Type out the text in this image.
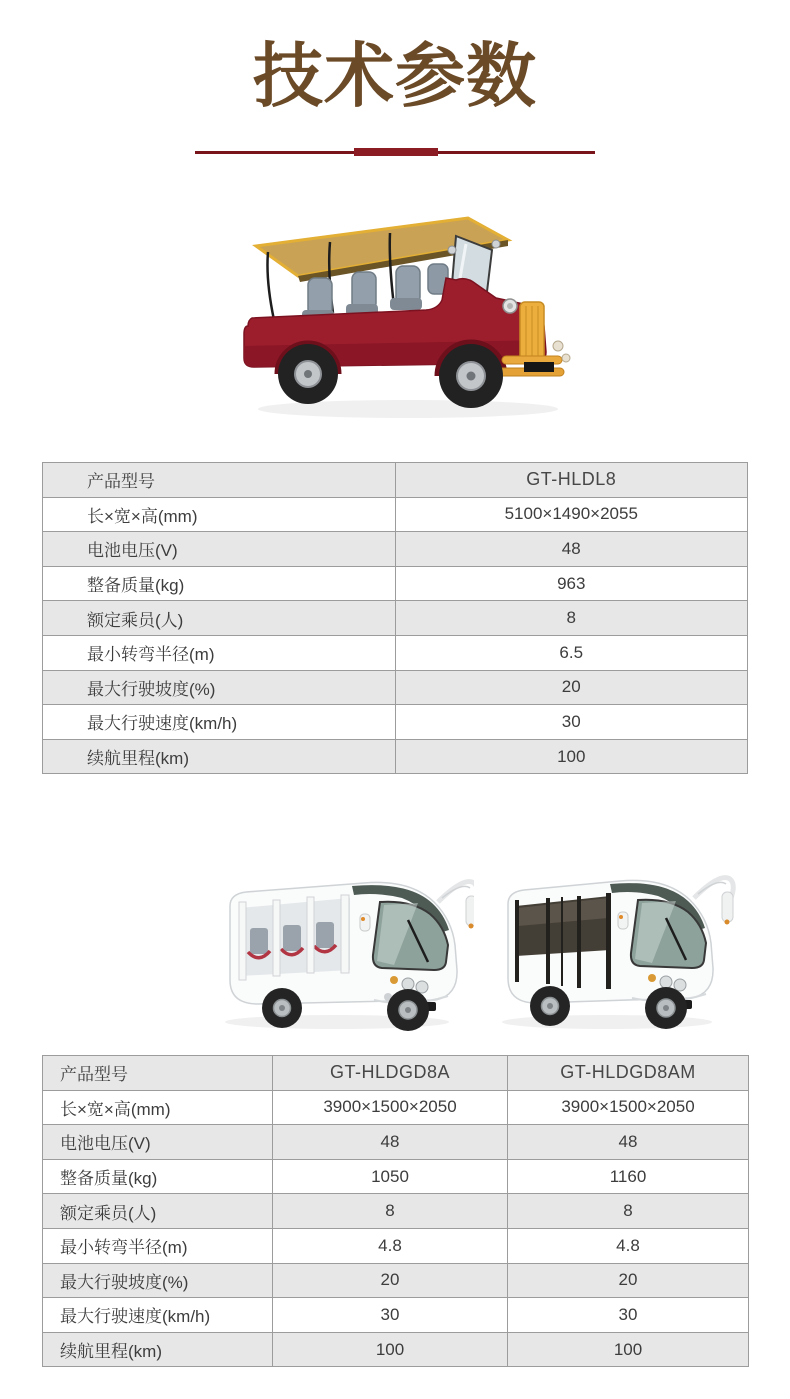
技术参数
产品型号	GT-HLDL8
长×宽×高(mm)	5100×1490×2055
电池电压(V)	48
整备质量(kg)	963
额定乘员(人)	8
最小转弯半径(m)	6.5
最大行驶坡度(%)	20
最大行驶速度(km/h)	30
续航里程(km)	100
产品型号	GT-HLDGD8A	GT-HLDGD8AM
长×宽×高(mm)	3900×1500×2050	3900×1500×2050
电池电压(V)	48	48
整备质量(kg)	1050	1160
额定乘员(人)	8	8
最小转弯半径(m)	4.8	4.8
最大行驶坡度(%)	20	20
最大行驶速度(km/h)	30	30
续航里程(km)	100	100
